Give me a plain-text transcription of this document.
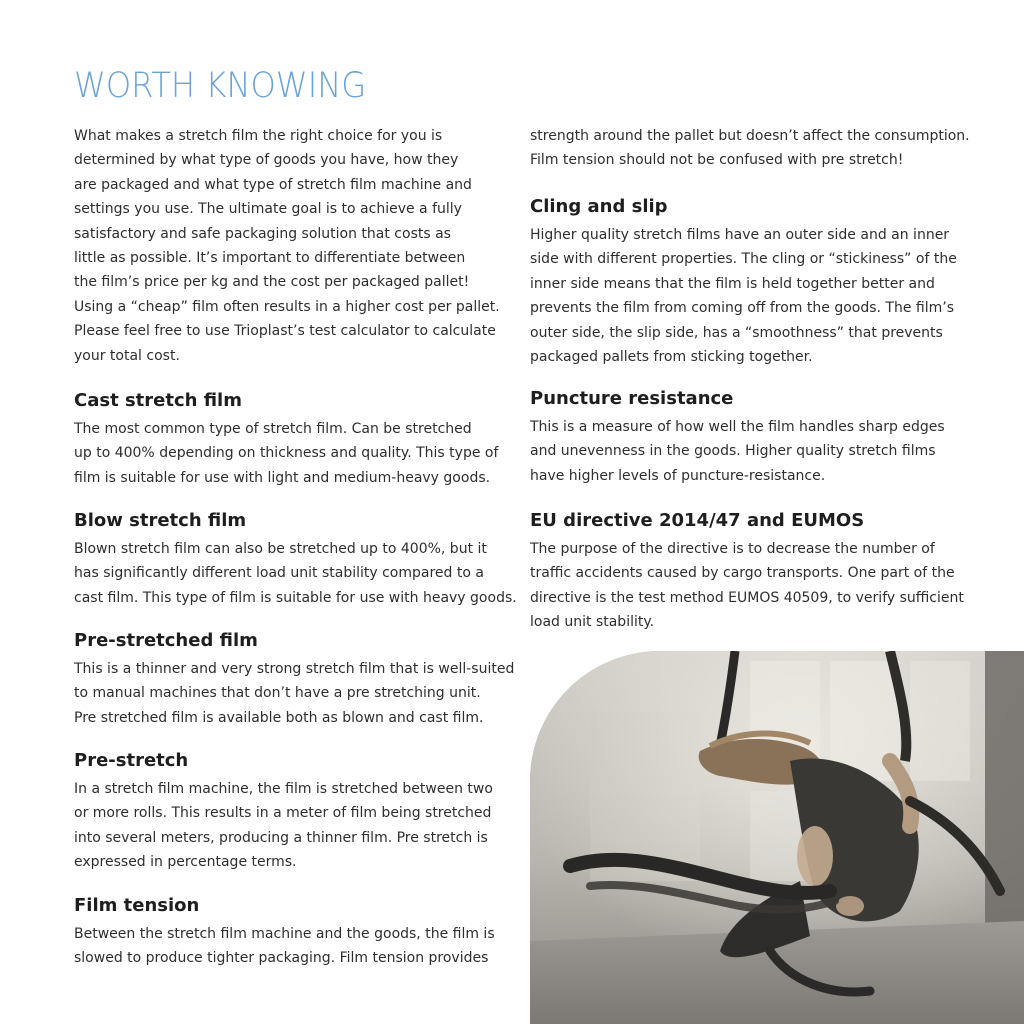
WORTH KNOWING

What makes a stretch film the right choice for you is
determined by what type of goods you have, how they
are packaged and what type of stretch film machine and
settings you use. The ultimate goal is to achieve a fully
satisfactory and safe packaging solution that costs as
little as possible. It’s important to differentiate between
the film’s price per kg and the cost per packaged pallet!
Using a “cheap” film often results in a higher cost per pallet.
Please feel free to use Trioplast’s test calculator to calculate
your total cost.

Cast stretch film

The most common type of stretch film. Can be stretched
up to 400% depending on thickness and quality. This type of
film is suitable for use with light and medium-heavy goods.

Blow stretch film

Blown stretch film can also be stretched up to 400%, but it
has significantly different load unit stability compared to a
cast film. This type of film is suitable for use with heavy goods.

Pre-stretched film

This is a thinner and very strong stretch film that is well-suited
to manual machines that don’t have a pre stretching unit.
Pre stretched film is available both as blown and cast film.

Pre-stretch

In a stretch film machine, the film is stretched between two
or more rolls. This results in a meter of film being stretched
into several meters, producing a thinner film. Pre stretch is
expressed in percentage terms.

Film tension

Between the stretch film machine and the goods, the film is
slowed to produce tighter packaging. Film tension provides

strength around the pallet but doesn’t affect the consumption.
Film tension should not be confused with pre stretch!

Cling and slip

Higher quality stretch films have an outer side and an inner
side with different properties. The cling or “stickiness” of the
inner side means that the film is held together better and
prevents the film from coming off from the goods. The film’s
outer side, the slip side, has a “smoothness” that prevents
packaged pallets from sticking together.

Puncture resistance

This is a measure of how well the film handles sharp edges
and unevenness in the goods. Higher quality stretch films
have higher levels of puncture-resistance.

EU directive 2014/47 and EUMOS

The purpose of the directive is to decrease the number of
traffic accidents caused by cargo transports. One part of the
directive is the test method EUMOS 40509, to verify sufficient
load unit stability.
